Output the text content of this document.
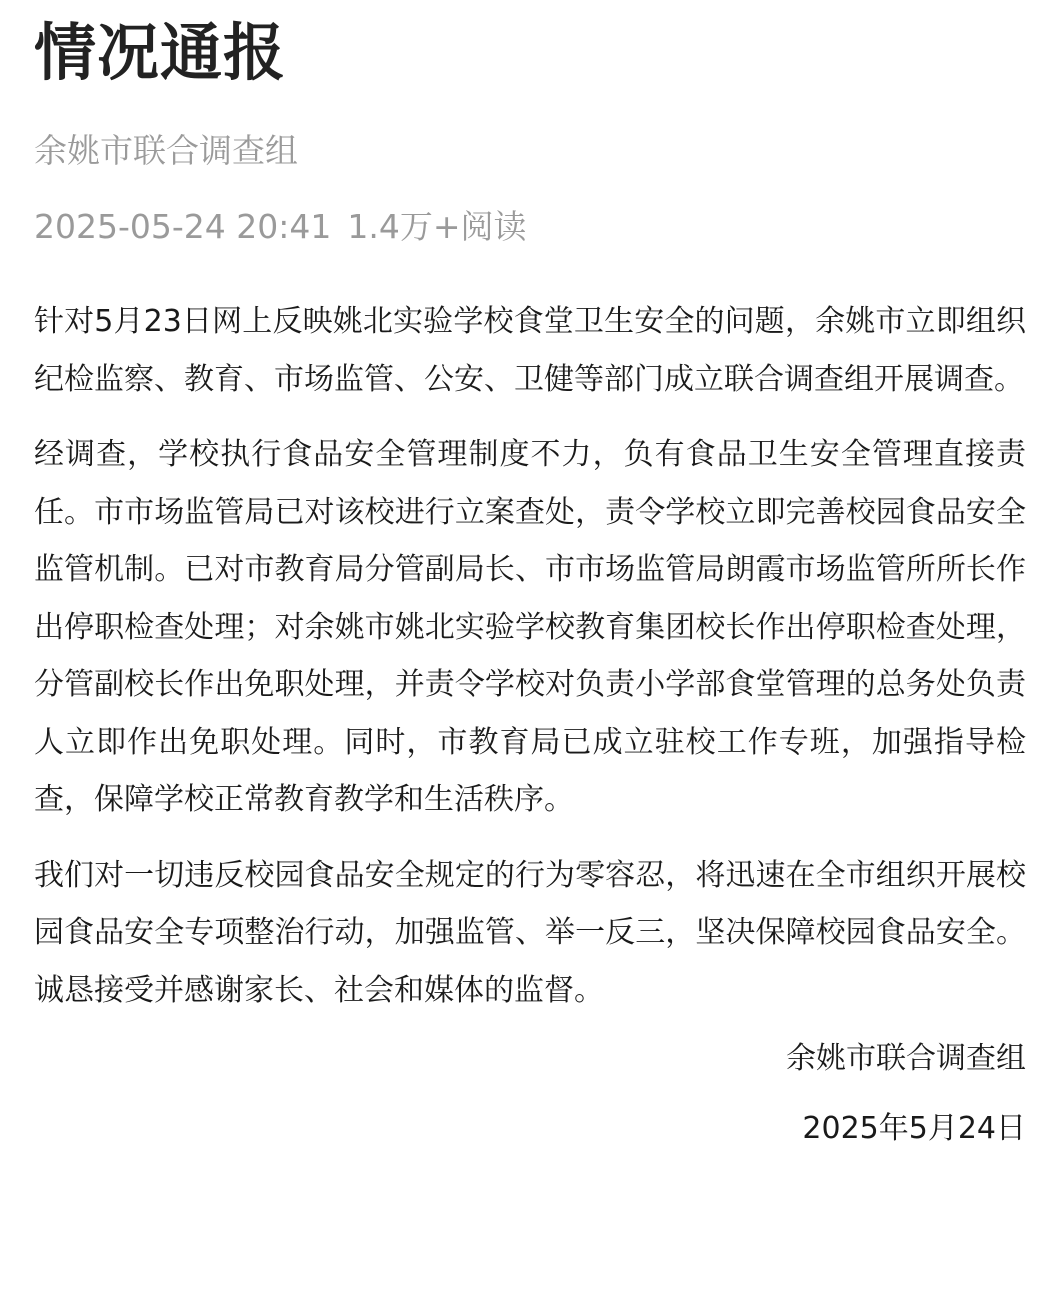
情况通报
余姚市联合调查组
2025-05-24 20:41 1.4万+阅读

针对5月23日网上反映姚北实验学校食堂卫生安全的问题，余姚市立即组织纪检监察、教育、市场监管、公安、卫健等部门成立联合调查组开展调查。

经调查，学校执行食品安全管理制度不力，负有食品卫生安全管理直接责任。市市场监管局已对该校进行立案查处，责令学校立即完善校园食品安全监管机制。已对市教育局分管副局长、市市场监管局朗霞市场监管所所长作出停职检查处理；对余姚市姚北实验学校教育集团校长作出停职检查处理，分管副校长作出免职处理，并责令学校对负责小学部食堂管理的总务处负责人立即作出免职处理。同时，市教育局已成立驻校工作专班，加强指导检查，保障学校正常教育教学和生活秩序。

我们对一切违反校园食品安全规定的行为零容忍，将迅速在全市组织开展校园食品安全专项整治行动，加强监管、举一反三，坚决保障校园食品安全。诚恳接受并感谢家长、社会和媒体的监督。

余姚市联合调查组
2025年5月24日
